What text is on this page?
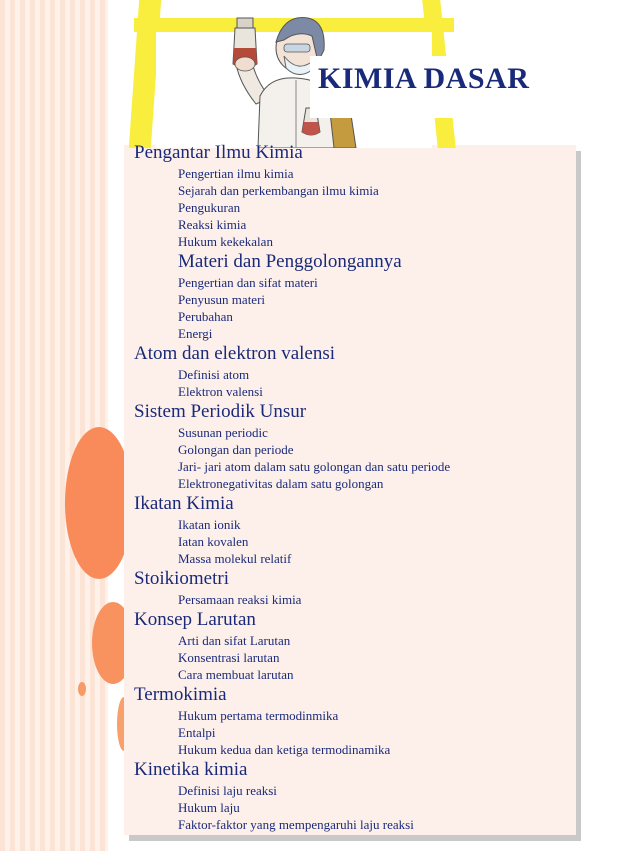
KIMIA DASAR
Pengantar Ilmu Kimia
Pengertian ilmu kimia
Sejarah dan perkembangan ilmu kimia
Pengukuran
Reaksi kimia
Hukum kekekalan
Materi dan Penggolongannya
Pengertian dan sifat materi
Penyusun materi
Perubahan
Energi
Atom dan elektron valensi
Definisi atom
Elektron valensi
Sistem Periodik Unsur
Susunan periodic
Golongan dan periode
Jari- jari atom dalam satu golongan dan satu periode
Elektronegativitas dalam satu golongan
Ikatan Kimia
Ikatan ionik
Iatan kovalen
Massa molekul relatif
Stoikiometri
Persamaan reaksi kimia
Konsep Larutan
Arti dan sifat Larutan
Konsentrasi larutan
Cara membuat larutan
Termokimia
Hukum pertama termodinmika
Entalpi
Hukum kedua dan ketiga termodinamika
Kinetika kimia
Definisi laju reaksi
Hukum laju
Faktor-faktor yang mempengaruhi laju reaksi
